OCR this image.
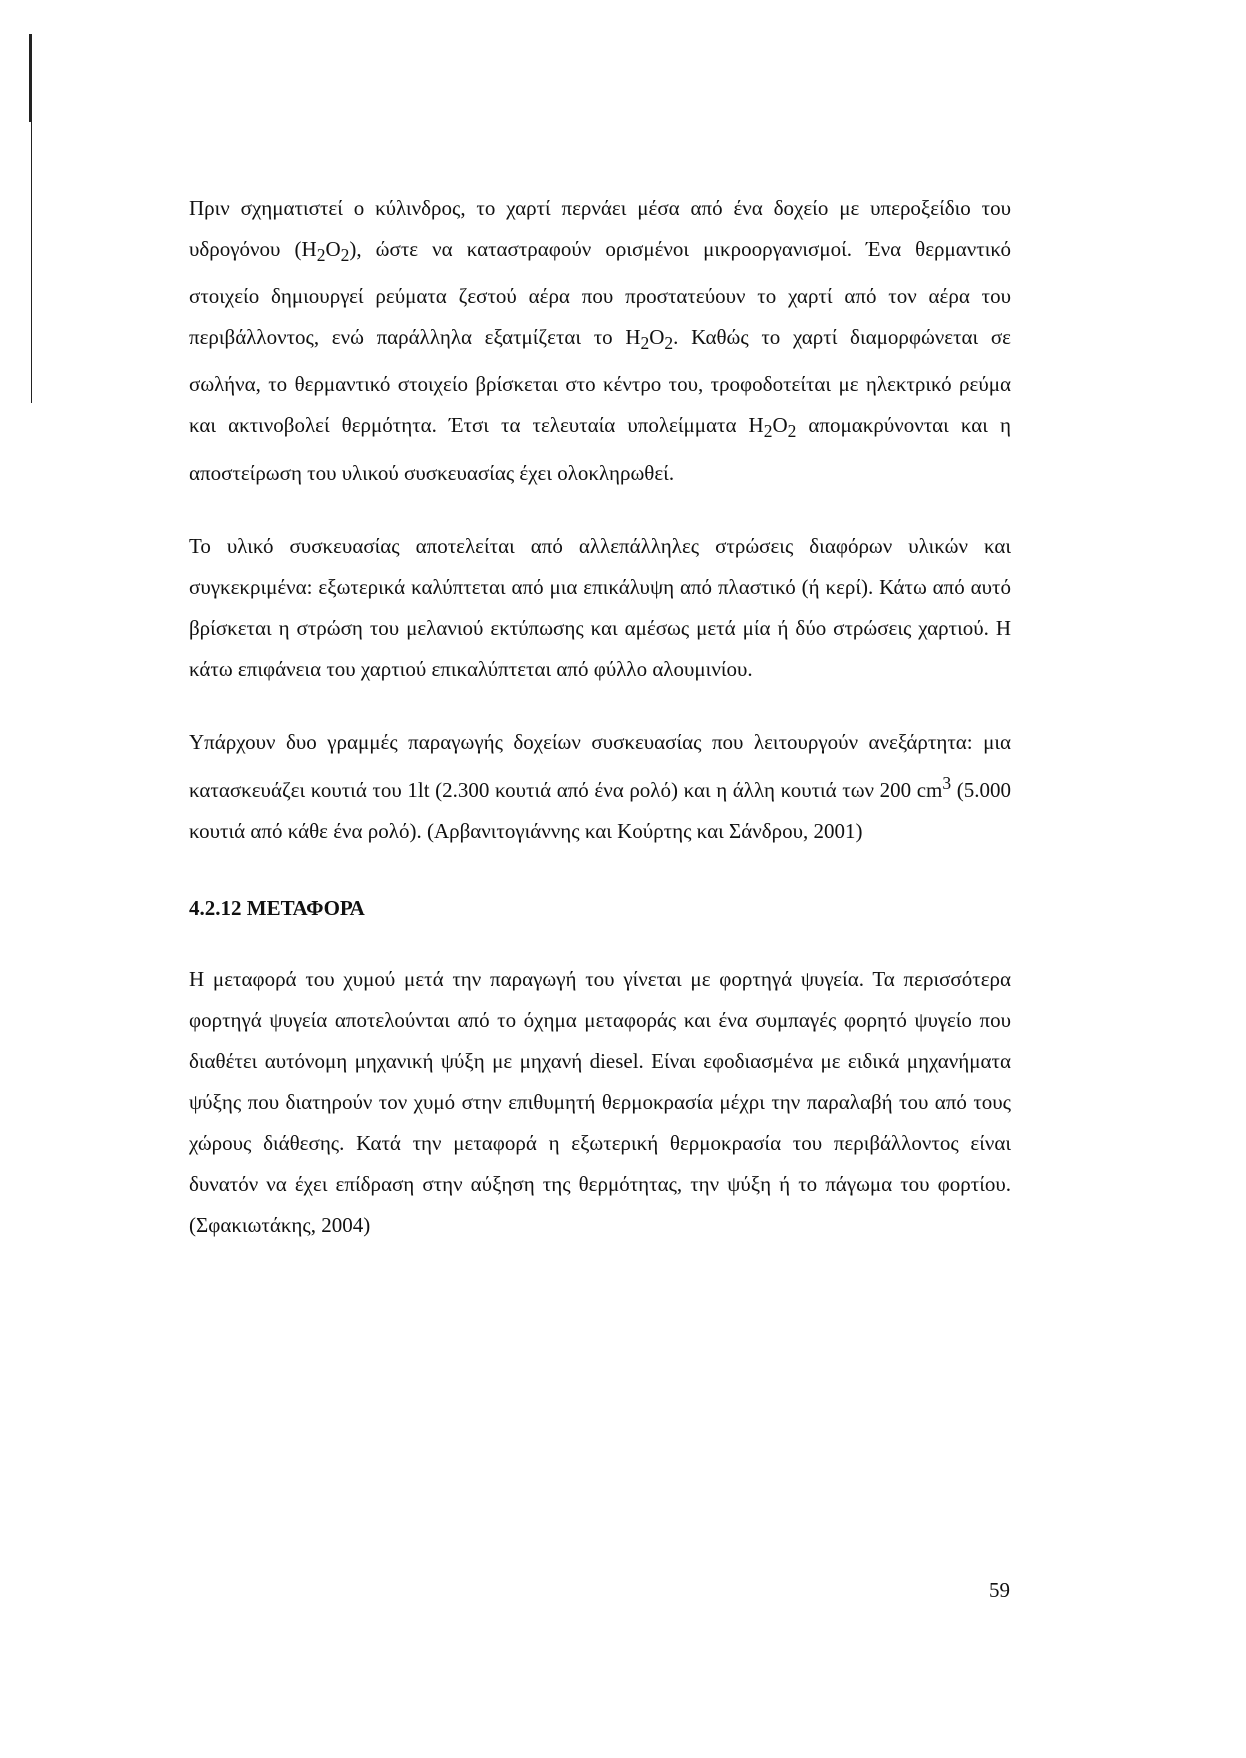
Πριν σχηματιστεί ο κύλινδρος, το χαρτί περνάει μέσα από ένα δοχείο με υπεροξείδιο του υδρογόνου $(H_2O_2)$, ώστε να καταστραφούν ορισμένοι μικροοργανισμοί. Ένα θερμαντικό στοιχείο δημιουργεί ρεύματα ζεστού αέρα που προστατεύουν το χαρτί από τον αέρα του περιβάλλοντος, ενώ παράλληλα εξατμίζεται το $H_2O_2$. Καθώς το χαρτί διαμορφώνεται σε σωλήνα, το θερμαντικό στοιχείο βρίσκεται στο κέντρο του, τροφοδοτείται με ηλεκτρικό ρεύμα και ακτινοβολεί θερμότητα. Έτσι τα τελευταία υπολείμματα $H_2O_2$ απομακρύνονται και η αποστείρωση του υλικού συσκευασίας έχει ολοκληρωθεί.

Το υλικό συσκευασίας αποτελείται από αλλεπάλληλες στρώσεις διαφόρων υλικών και συγκεκριμένα: εξωτερικά καλύπτεται από μια επικάλυψη από πλαστικό (ή κερί). Κάτω από αυτό βρίσκεται η στρώση του μελανιού εκτύπωσης και αμέσως μετά μία ή δύο στρώσεις χαρτιού. Η κάτω επιφάνεια του χαρτιού επικαλύπτεται από φύλλο αλουμινίου.

Υπάρχουν δυο γραμμές παραγωγής δοχείων συσκευασίας που λειτουργούν ανεξάρτητα: μια κατασκευάζει κουτιά του 1lt (2.300 κουτιά από ένα ρολό) και η άλλη κουτιά των 200 $cm^3$ (5.000 κουτιά από κάθε ένα ρολό). (Αρβανιτογιάννης και Κούρτης και Σάνδρου, 2001)

4.2.12 ΜΕΤΑΦΟΡΑ

Η μεταφορά του χυμού μετά την παραγωγή του γίνεται με φορτηγά ψυγεία. Τα περισσότερα φορτηγά ψυγεία αποτελούνται από το όχημα μεταφοράς και ένα συμπαγές φορητό ψυγείο που διαθέτει αυτόνομη μηχανική ψύξη με μηχανή diesel. Είναι εφοδιασμένα με ειδικά μηχανήματα ψύξης που διατηρούν τον χυμό στην επιθυμητή θερμοκρασία μέχρι την παραλαβή του από τους χώρους διάθεσης. Κατά την μεταφορά η εξωτερική θερμοκρασία του περιβάλλοντος είναι δυνατόν να έχει επίδραση στην αύξηση της θερμότητας, την ψύξη ή το πάγωμα του φορτίου. (Σφακιωτάκης, 2004)

59
